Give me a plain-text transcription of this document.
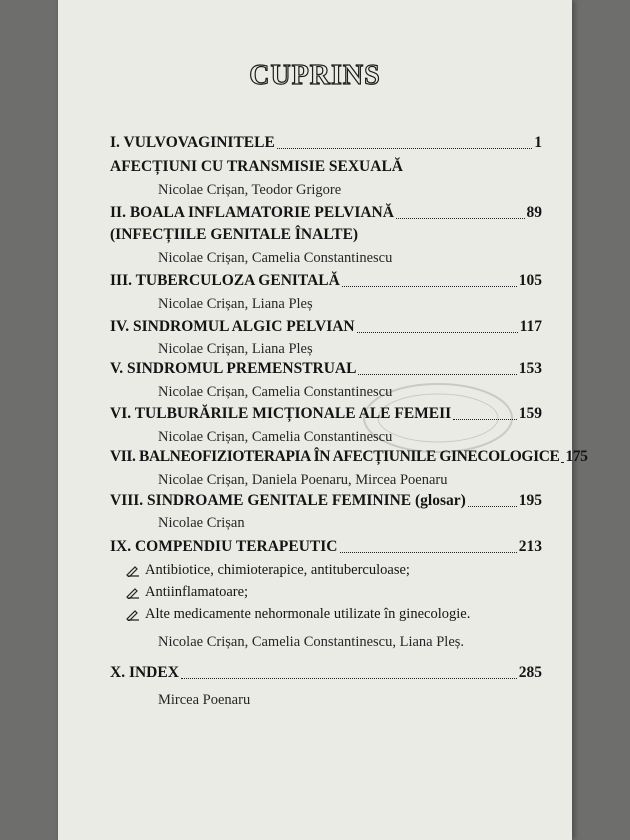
CUPRINS
I. VULVOVAGINITELE	1
AFECȚIUNI CU TRANSMISIE SEXUALĂ
Nicolae Crișan, Teodor Grigore
II. BOALA INFLAMATORIE PELVIANĂ	89
(INFECȚIILE GENITALE ÎNALTE)
Nicolae Crișan, Camelia Constantinescu
III. TUBERCULOZA GENITALĂ	105
Nicolae Crișan, Liana Pleș
IV. SINDROMUL ALGIC PELVIAN	117
Nicolae Crișan, Liana Pleș
V. SINDROMUL PREMENSTRUAL	153
Nicolae Crișan, Camelia Constantinescu
VI. TULBURĂRILE MICȚIONALE ALE FEMEII	159
Nicolae Crișan, Camelia Constantinescu
VII. BALNEOFIZIOTERAPIA ÎN AFECȚIUNILE GINECOLOGICE 175
Nicolae Crișan, Daniela Poenaru, Mircea Poenaru
VIII. SINDROAME GENITALE FEMININE (glosar)	195
Nicolae Crișan
IX. COMPENDIU TERAPEUTIC	213
Antibiotice, chimioterapice, antituberculoase;
Antiinflamatoare;
Alte medicamente nehormonale utilizate în ginecologie.
Nicolae Crișan, Camelia Constantinescu, Liana Pleș.
X. INDEX	285
Mircea Poenaru
